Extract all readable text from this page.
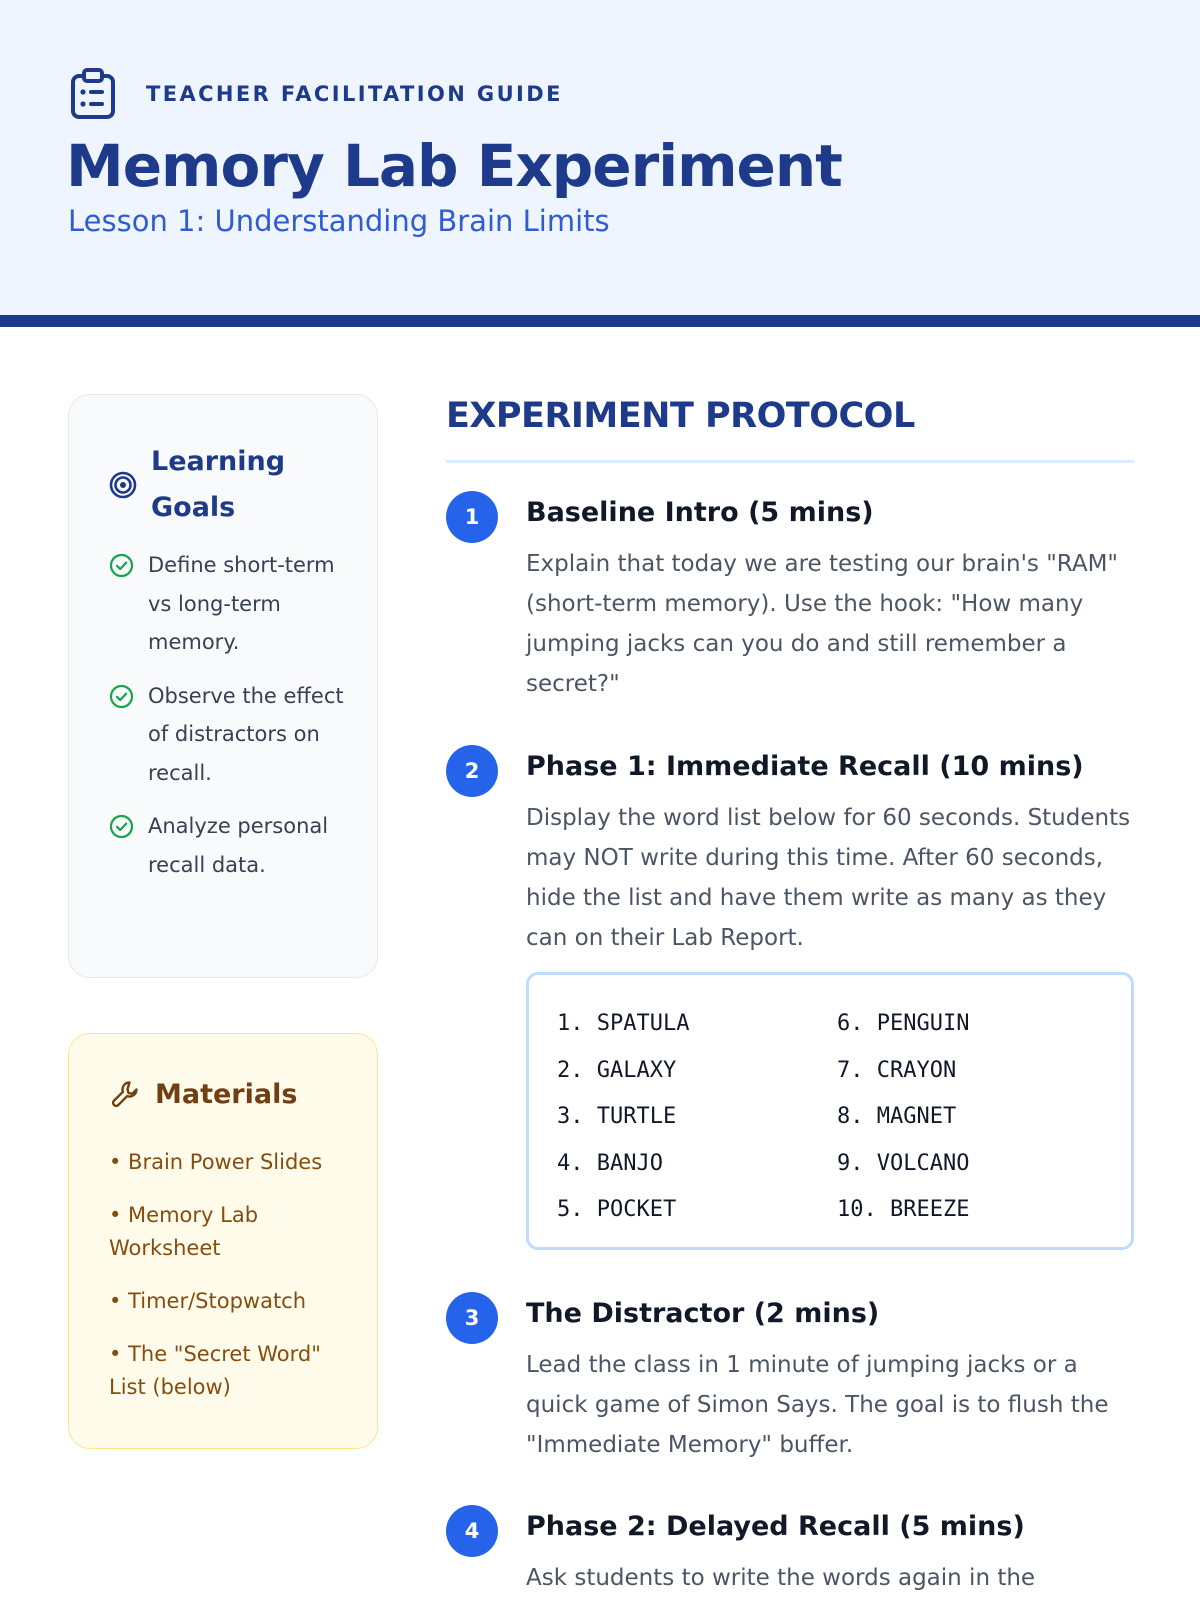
TEACHER FACILITATION GUIDE
Memory Lab Experiment
Lesson 1: Understanding Brain Limits
Learning Goals
Define short-term vs long-term memory.
Observe the effect of distractors on recall.
Analyze personal recall data.
Materials
• Brain Power Slides
• Memory Lab Worksheet
• Timer/Stopwatch
• The "Secret Word" List (below)
EXPERIMENT PROTOCOL
1	Baseline Intro (5 mins)

Explain that today we are testing our brain's "RAM" (short-term memory). Use the hook: "How many jumping jacks can you do and still remember a secret?"

2	Phase 1: Immediate Recall (10 mins)

Display the word list below for 60 seconds. Students may NOT write during this time. After 60 seconds, hide the list and have them write as many as they can on their Lab Report.

1. SPATULA
2. GALAXY
3. TURTLE
4. BANJO
5. POCKET
6. PENGUIN
7. CRAYON
8. MAGNET
9. VOLCANO
10. BREEZE
3	The Distractor (2 mins)

Lead the class in 1 minute of jumping jacks or a quick game of Simon Says. The goal is to flush the "Immediate Memory" buffer.

4	Phase 2: Delayed Recall (5 mins)

Ask students to write the words again in the
